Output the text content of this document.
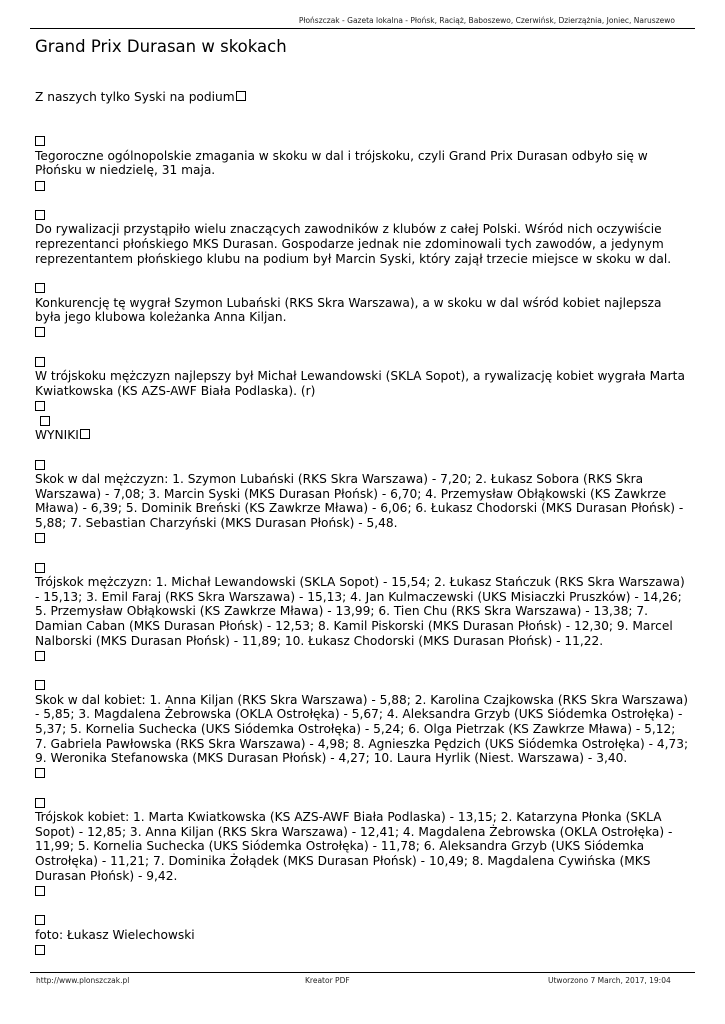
Płońszczak - Gazeta lokalna - Płońsk, Raciąż, Baboszewo, Czerwińsk, Dzierzążnia, Joniec, Naruszewo
Grand Prix Durasan w skokach

Z naszych tylko Syski na podium

Tegoroczne ogólnopolskie zmagania w skoku w dal i trójskoku, czyli Grand Prix Durasan odbyło się w Płońsku w niedzielę, 31 maja.

Do rywalizacji przystąpiło wielu znaczących zawodników z klubów z całej Polski. Wśród nich oczywiście reprezentanci płońskiego MKS Durasan. Gospodarze jednak nie zdominowali tych zawodów, a jedynym reprezentantem płońskiego klubu na podium był Marcin Syski, który zajął trzecie miejsce w skoku w dal.

Konkurencję tę wygrał Szymon Lubański (RKS Skra Warszawa), a w skoku w dal wśród kobiet najlepsza była jego klubowa koleżanka Anna Kiljan.

W trójskoku mężczyzn najlepszy był Michał Lewandowski (SKLA Sopot), a rywalizację kobiet wygrała Marta Kwiatkowska (KS AZS-AWF Biała Podlaska). (r)

WYNIKI

Skok w dal mężczyzn: 1. Szymon Lubański (RKS Skra Warszawa) - 7,20; 2. Łukasz Sobora (RKS Skra Warszawa) - 7,08; 3. Marcin Syski (MKS Durasan Płońsk) - 6,70; 4. Przemysław Obłąkowski (KS Zawkrze Mława) - 6,39; 5. Dominik Breński (KS Zawkrze Mława) - 6,06; 6. Łukasz Chodorski (MKS Durasan Płońsk) - 5,88; 7. Sebastian Charzyński (MKS Durasan Płońsk) - 5,48.

Trójskok mężczyzn: 1. Michał Lewandowski (SKLA Sopot) - 15,54; 2. Łukasz Stańczuk (RKS Skra Warszawa) - 15,13; 3. Emil Faraj (RKS Skra Warszawa) - 15,13; 4. Jan Kulmaczewski (UKS Misiaczki Pruszków) - 14,26; 5. Przemysław Obłąkowski (KS Zawkrze Mława) - 13,99; 6. Tien Chu (RKS Skra Warszawa) - 13,38; 7. Damian Caban (MKS Durasan Płońsk) - 12,53; 8. Kamil Piskorski (MKS Durasan Płońsk) - 12,30; 9. Marcel Nalborski (MKS Durasan Płońsk) - 11,89; 10. Łukasz Chodorski (MKS Durasan Płońsk) - 11,22.

Skok w dal kobiet: 1. Anna Kiljan (RKS Skra Warszawa) - 5,88; 2. Karolina Czajkowska (RKS Skra Warszawa) - 5,85; 3. Magdalena Żebrowska (OKLA Ostrołęka) - 5,67; 4. Aleksandra Grzyb (UKS Siódemka Ostrołęka) - 5,37; 5. Kornelia Suchecka (UKS Siódemka Ostrołęka) - 5,24; 6. Olga Pietrzak (KS Zawkrze Mława) - 5,12; 7. Gabriela Pawłowska (RKS Skra Warszawa) - 4,98; 8. Agnieszka Pędzich (UKS Siódemka Ostrołęka) - 4,73; 9. Weronika Stefanowska (MKS Durasan Płońsk) - 4,27; 10. Laura Hyrlik (Niest. Warszawa) - 3,40.

Trójskok kobiet: 1. Marta Kwiatkowska (KS AZS-AWF Biała Podlaska) - 13,15; 2. Katarzyna Płonka (SKLA Sopot) - 12,85; 3. Anna Kiljan (RKS Skra Warszawa) - 12,41; 4. Magdalena Żebrowska (OKLA Ostrołęka) - 11,99; 5. Kornelia Suchecka (UKS Siódemka Ostrołęka) - 11,78; 6. Aleksandra Grzyb (UKS Siódemka Ostrołęka) - 11,21; 7. Dominika Żołądek (MKS Durasan Płońsk) - 10,49; 8. Magdalena Cywińska (MKS Durasan Płońsk) - 9,42.

foto: Łukasz Wielechowski

http://www.plonszczak.pl	Kreator PDF	Utworzono 7 March, 2017, 19:04
